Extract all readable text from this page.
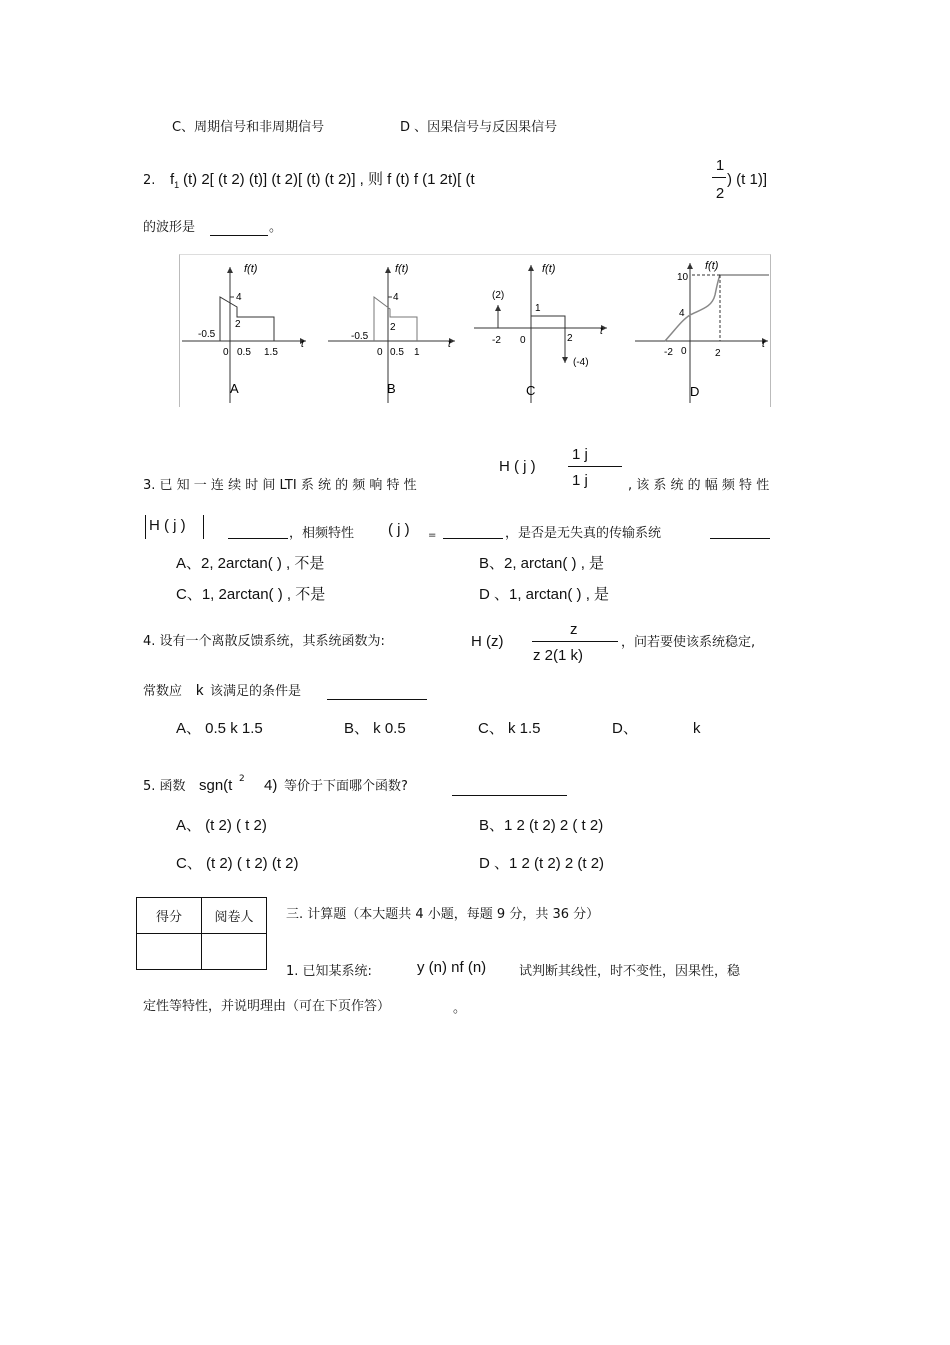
C、周期信号和非周期信号	D 、因果信号与反因果信号
2. $f_1$ (t) 2[ (t 2) (t)] (t 2)[ (t) (t 2)] , 则 f (t) f (1 2t)[ (t
1
2
) (t 1)]
的波形是	。
f(t)
t
4
2
-0.5
0 0.5 1.5
A
f(t)
t
4
2
-0.5
0 0.5 1
B
f(t)
t
(2)
1
-2 0	2
(-4)
C
f(t)
t
10
4
-2 0	2
D
H ( j )
1 j
1 j
3. 已 知 一 连 续 时 间 LTI 系 统 的 频 响 特 性	, 该 系 统 的 幅 频 特 性
H ( j )	，相频特性 ( j ) =	，是否是无失真的传输系统
A、2, 2arctan( ) , 不是	B、2, arctan( ) , 是
C、1, 2arctan( ) , 不是	D 、1, arctan( ) , 是
4. 设有一个离散反馈系统，其系统函数为:	H (z)
z
z 2(1 k)
，问若要使该系统稳定,
常数应 k 该满足的条件是
A、 0.5 k 1.5	B、 k 0.5	C、 k 1.5	D、	k
5. 函数 sgn(t 2 4) 等价于下面哪个函数?
A、 (t 2) ( t 2)	B、1 2 (t 2) 2 ( t 2)
C、 (t 2) ( t 2) (t 2)	D 、1 2 (t 2) 2 (t 2)
得分	阅卷人
		三. 计算题（本大题共 4 小题，每题 9 分，共 36 分）
1. 已知某系统:	y (n) nf (n)	试判断其线性，时不变性，因果性，稳
定性等特性，并说明理由（可在下页作答）	。
